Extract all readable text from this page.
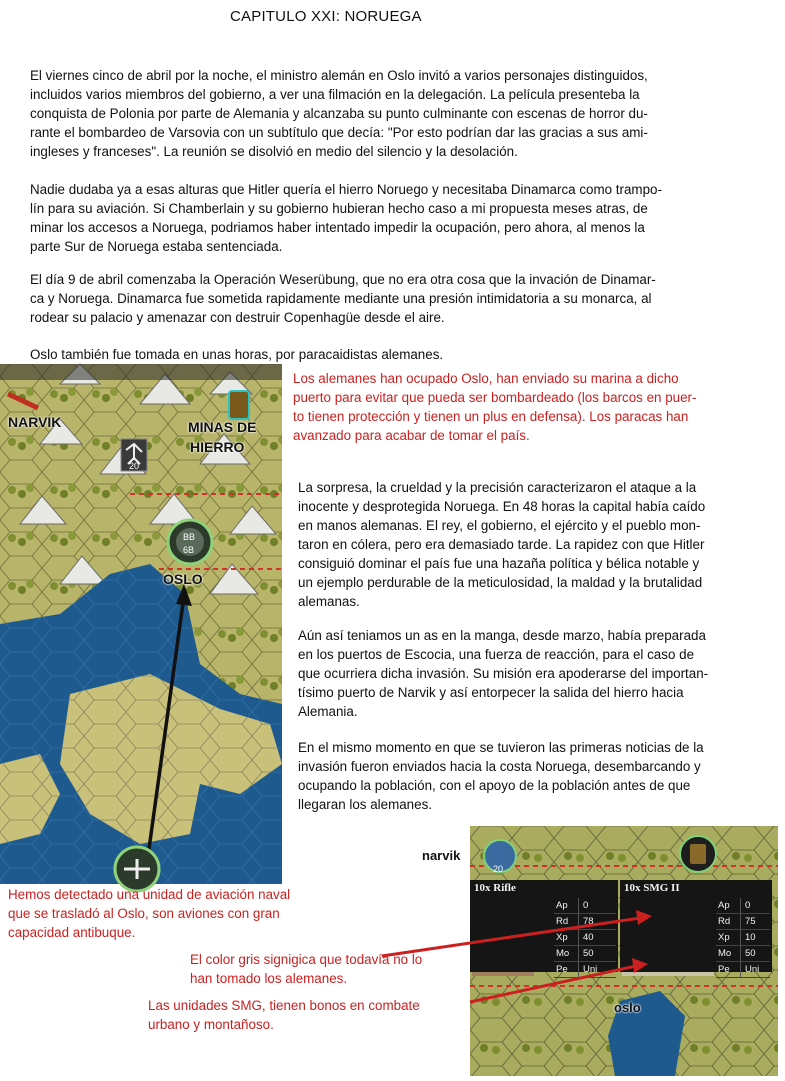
CAPITULO XXI: NORUEGA

El viernes cinco de abril por la noche, el ministro alemán en Oslo invitó a varios personajes distinguidos,
incluidos varios miembros del gobierno, a ver una filmación en la delegación. La película presenteba la
conquista de Polonia por parte de Alemania y alcanzaba su punto culminante con escenas de horror du-
rante el bombardeo de Varsovia con un subtítulo que decía: "Por esto podrían dar las gracias a sus ami-
ingleses y franceses". La reunión se disolvió en medio del silencio y la desolación.

Nadie dudaba ya a esas alturas que Hitler quería el hierro Noruego y necesitaba Dinamarca como trampo-
lín para su aviación. Si Chamberlain y su gobierno hubieran hecho caso a mi propuesta meses atras, de
minar los accesos a Noruega, podriamos haber intentado impedir la ocupación, pero ahora, al menos la
parte Sur de Noruega estaba sentenciada.

El día 9 de abril comenzaba la Operación Weserübung, que no era otra cosa que la invación de Dinamar-
ca y Noruega. Dinamarca fue sometida rapidamente mediante una presión intimidatoria a su monarca, al
rodear su palacio y amenazar con destruir Copenhagüe desde el aire.

Oslo también fue tomada en unas horas, por paracaidistas alemanes.

NARVIK	MINAS DE
HIERRO
OSLO
20
BB
6B
Los alemanes han ocupado Oslo, han enviado su marina a dicho
puerto para evitar que pueda ser bombardeado (los barcos en puer-
to tienen protección y tienen un plus en defensa). Los paracas han
avanzado para acabar de tomar el país.

La sorpresa, la crueldad y la precisión caracterizaron el ataque a la
inocente y desprotegida Noruega. En 48 horas la capital había caído
en manos alemanas. El rey, el gobierno, el ejército y el pueblo mon-
taron en cólera, pero era demasiado tarde. La rapidez con que Hitler
consiguió dominar el país fue una hazaña política y bélica notable y
un ejemplo perdurable de la meticulosidad, la maldad y la brutalidad
alemanas.

Aún así teniamos un as en la manga, desde marzo, había preparada
en los puertos de Escocia, una fuerza de reacción, para el caso de
que ocurriera dicha invasión. Su misión era apoderarse del importan-
tísimo puerto de Narvik y así entorpecer la salida del hierro hacia
Alemania.

En el mismo momento en que se tuvieron las primeras noticias de la
invasión fueron enviados hacia la costa Noruega, desembarcando y
ocupando la población, con el apoyo de la población antes de que
llegaran los alemanes.

narvik
oslo
20
10x Rifle
Ap	0
Rd	78
Xp	40
Mo	50
Pe	Uni
10x SMG II
Ap	0
Rd	75
Xp	10
Mo	50
Pe	Uni
Hemos detectado una unidad de aviación naval
que se trasladó al Oslo, son aviones con gran
capacidad antibuque.
El color gris signigica que todavía no lo
han tomado los alemanes.
Las unidades SMG, tienen bonos en combate
urbano y montañoso.
